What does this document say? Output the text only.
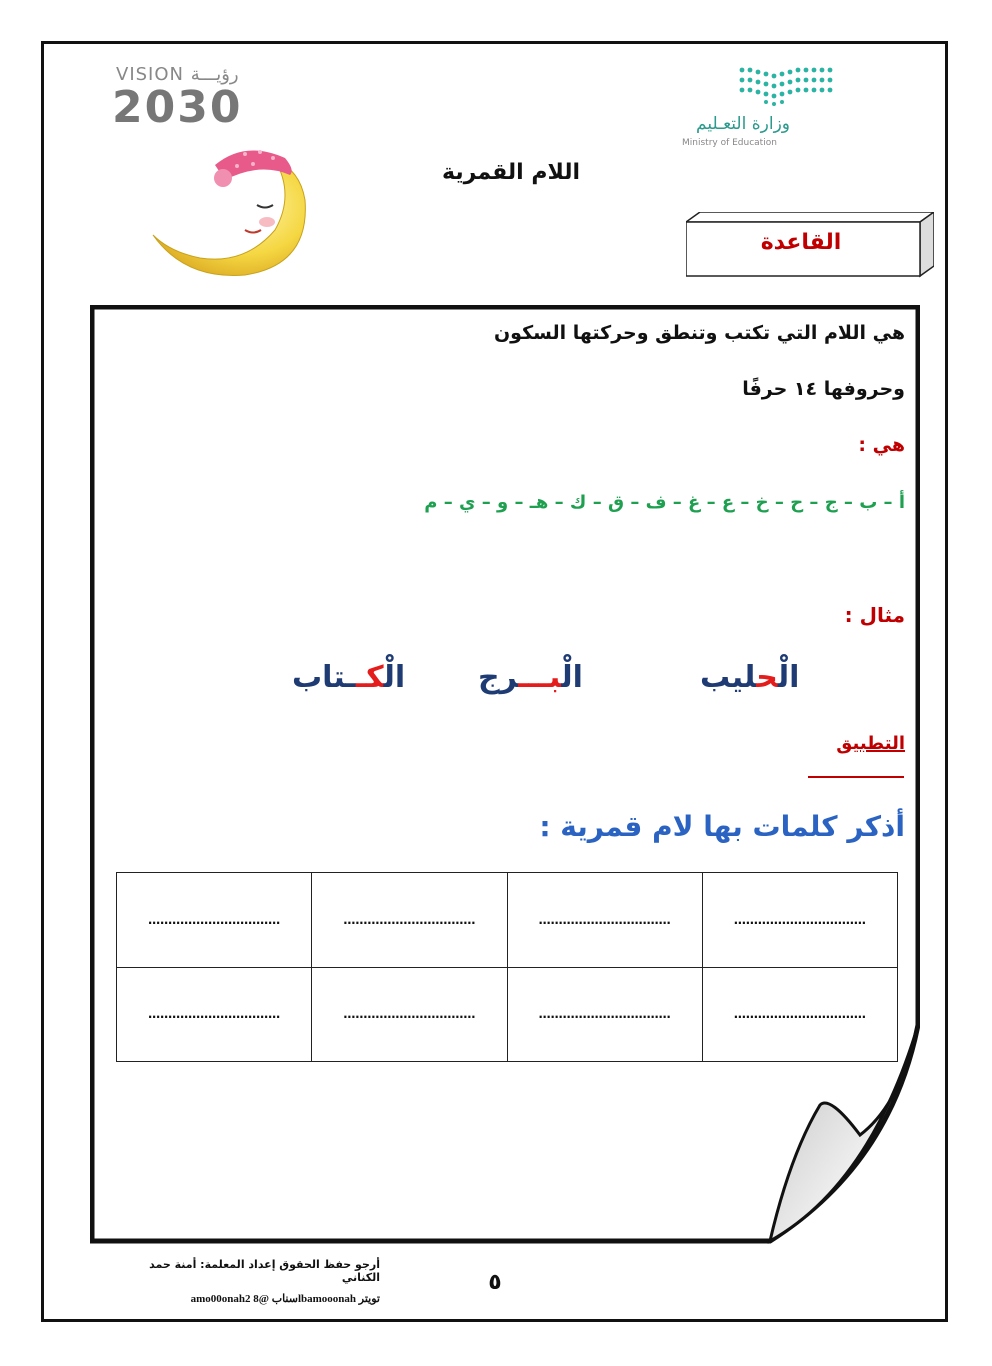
VISION رؤيـــة
2030	وزارة التعـليم
Ministry of Education
اللام القمرية
القاعدة
هي اللام التي تكتب وتنطق وحركتها السكون
وحروفها ١٤ حرفًا
هي :
أ – ب – ج – ح – خ – ع – غ – ف – ق – ك – هـ – و – ي – م
مثال :
الْحليب
الْبـــرج
الْكــتاب
التطبيق
أذكر كلمات بها لام قمرية :
……………………………	……………………………	……………………………	……………………………
……………………………	……………………………	……………………………	……………………………
أرجو حفظ الحقوق إعداد المعلمة: أمنة حمد الكناني	٥
amo00onah2 سناب @8lbamooonah تويتر
